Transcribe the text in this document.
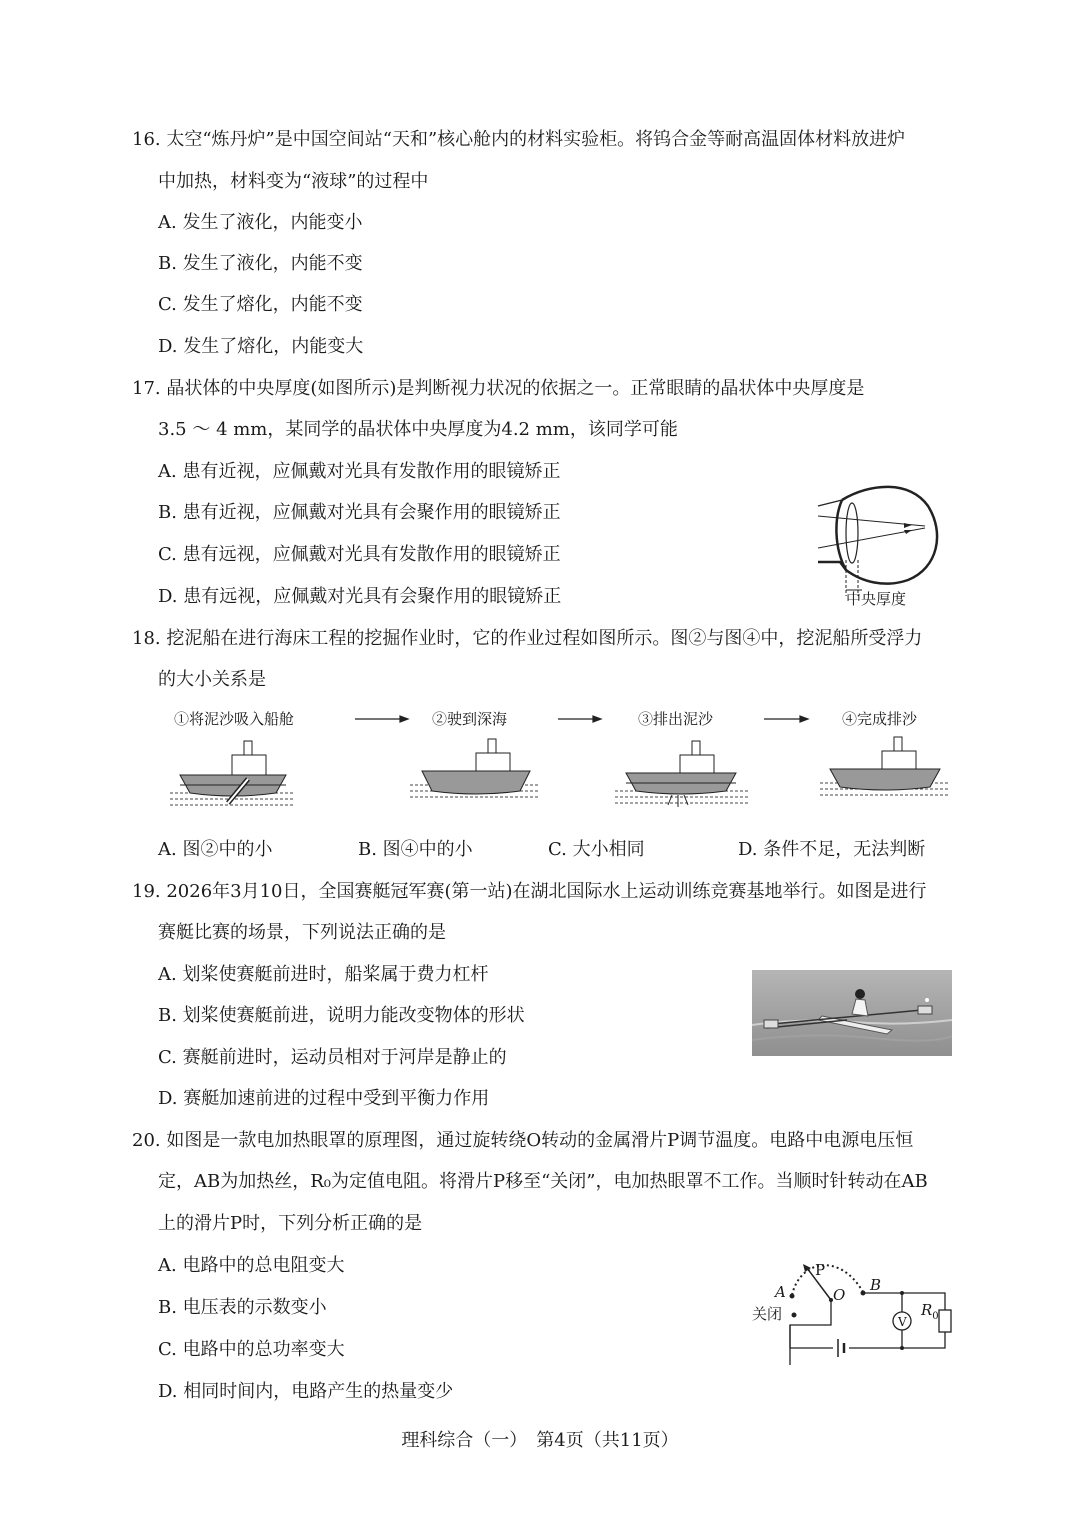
16. 太空“炼丹炉”是中国空间站“天和”核心舱内的材料实验柜。将钨合金等耐高温固体材料放进炉
中加热，材料变为“液球”的过程中
A. 发生了液化，内能变小
B. 发生了液化，内能不变
C. 发生了熔化，内能不变
D. 发生了熔化，内能变大
17. 晶状体的中央厚度(如图所示)是判断视力状况的依据之一。正常眼睛的晶状体中央厚度是
3.5 ～ 4 mm，某同学的晶状体中央厚度为4.2 mm，该同学可能
A. 患有近视，应佩戴对光具有发散作用的眼镜矫正
B. 患有近视，应佩戴对光具有会聚作用的眼镜矫正
C. 患有远视，应佩戴对光具有发散作用的眼镜矫正
D. 患有远视，应佩戴对光具有会聚作用的眼镜矫正	中央厚度
18. 挖泥船在进行海床工程的挖掘作业时，它的作业过程如图所示。图②与图④中，挖泥船所受浮力
的大小关系是
①将泥沙吸入船舱	②驶到深海	③排出泥沙	④完成排沙
A. 图②中的小	B. 图④中的小	C. 大小相同	D. 条件不足，无法判断
19. 2026年3月10日，全国赛艇冠军赛(第一站)在湖北国际水上运动训练竞赛基地举行。如图是进行
赛艇比赛的场景，下列说法正确的是
A. 划桨使赛艇前进时，船桨属于费力杠杆
B. 划桨使赛艇前进，说明力能改变物体的形状
C. 赛艇前进时，运动员相对于河岸是静止的
D. 赛艇加速前进的过程中受到平衡力作用
20. 如图是一款电加热眼罩的原理图，通过旋转绕O转动的金属滑片P调节温度。电路中电源电压恒
定，AB为加热丝，R₀为定值电阻。将滑片P移至“关闭”，电加热眼罩不工作。当顺时针转动在AB
上的滑片P时，下列分析正确的是
A. 电路中的总电阻变大
B. 电压表的示数变小
C. 电路中的总功率变大
D. 相同时间内，电路产生的热量变少
A
P
O
B
关闭	V
$R_0$
理科综合（一）　第4页（共11页）
